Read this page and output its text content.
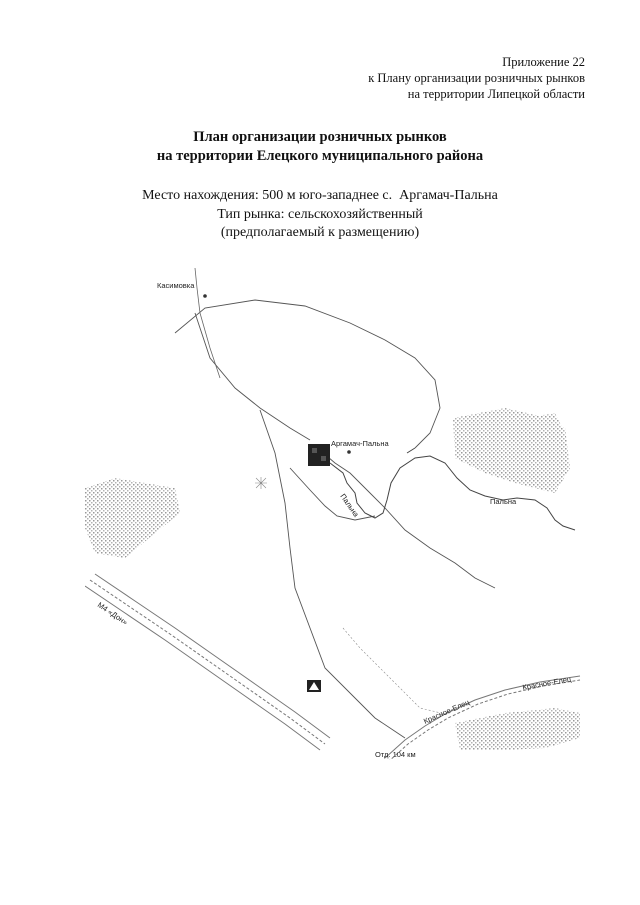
Приложение 22
к Плану организации розничных рынков
на территории Липецкой области
План организации розничных рынков
на территории Елецкого муниципального района
Место нахождения: 500 м юго-западнее с.  Аргамач-Пальна
Тип рынка: сельскохозяйственный
(предполагаемый к размещению)
Касимовка
Аргамач-Пальна
Пальна	Пальна
М4 «Дон»
Красное-Елец
Красное-Елец
Отд. 104 км
